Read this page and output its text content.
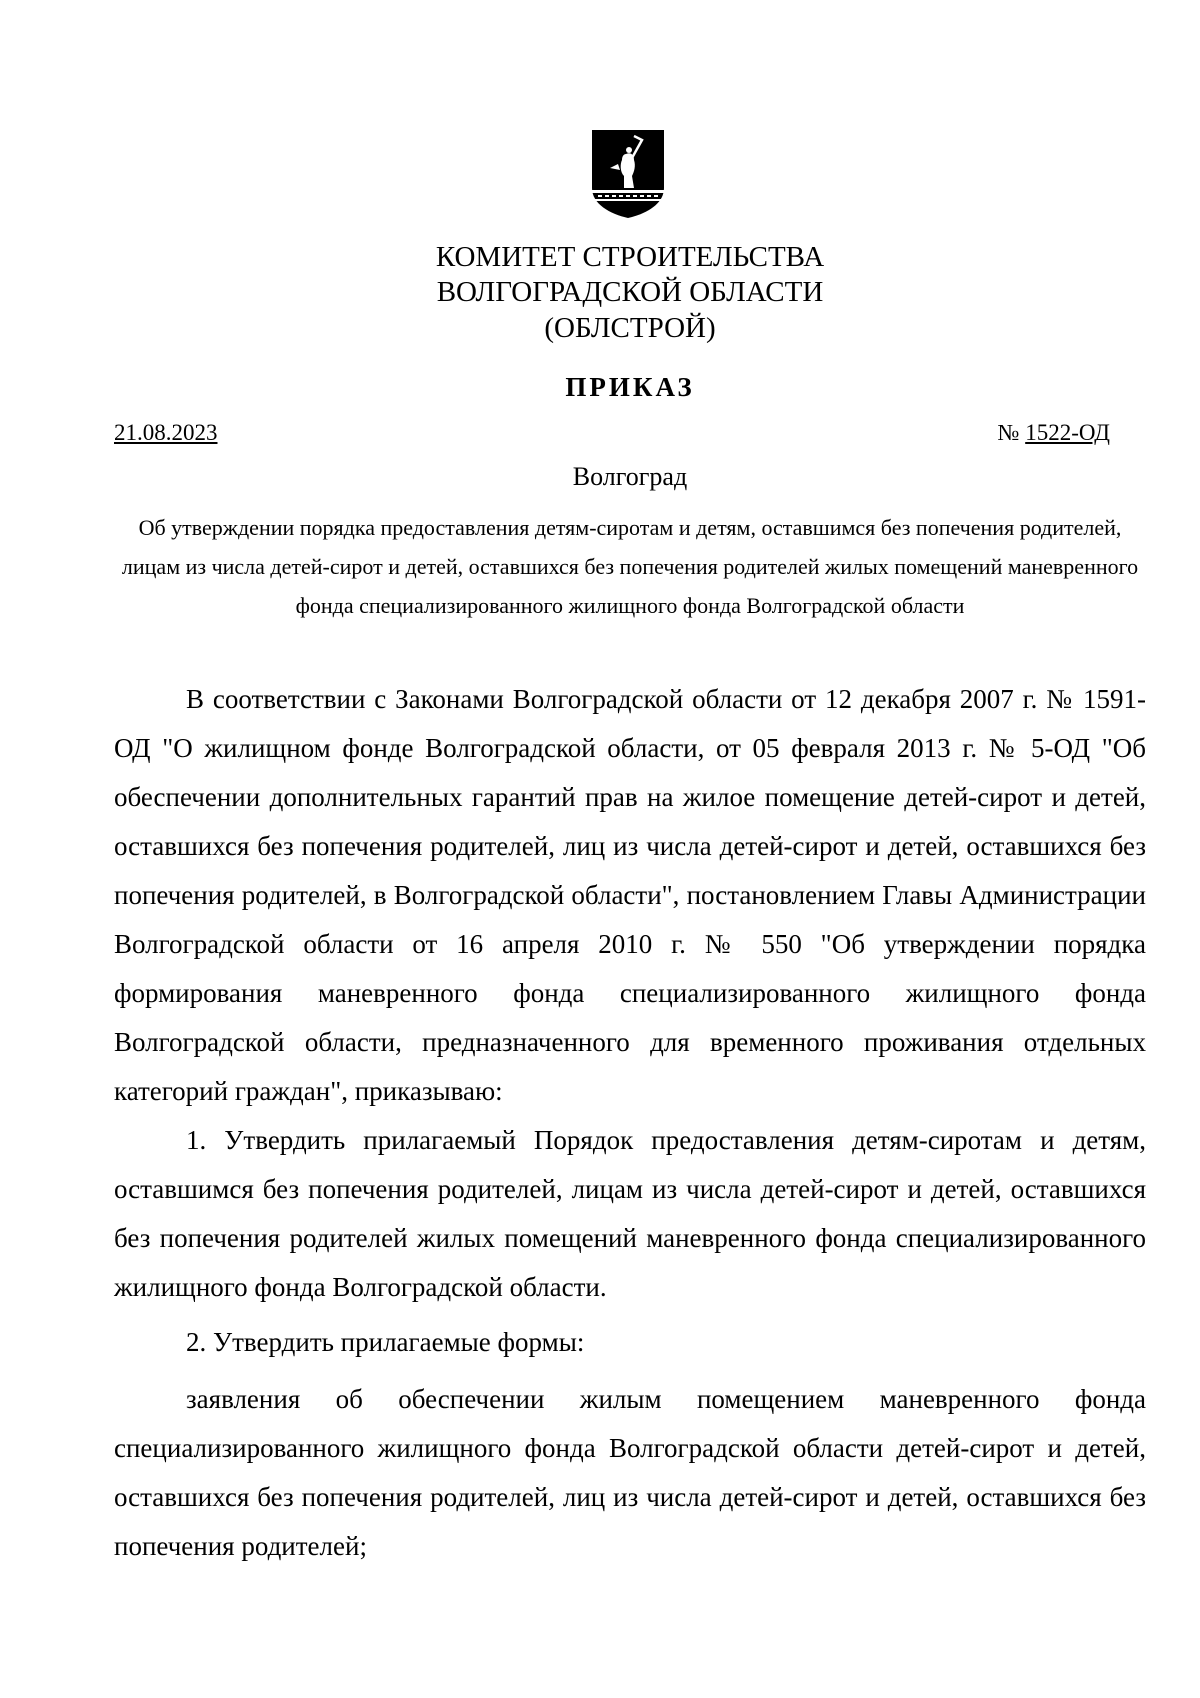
КОМИТЕТ СТРОИТЕЛЬСТВА
ВОЛГОГРАДСКОЙ ОБЛАСТИ
(ОБЛСТРОЙ)
ПРИКАЗ
21.08.2023	№ 1522-ОД
Волгоград
Об утверждении порядка предоставления детям-сиротам и детям, оставшимся без попечения родителей, лицам из числа детей-сирот и детей, оставшихся без попечения родителей жилых помещений маневренного фонда специализированного жилищного фонда Волгоградской области

В соответствии с Законами Волгоградской области от 12 декабря 2007 г. № 1591-ОД "О жилищном фонде Волгоградской области, от 05 февраля 2013 г. № 5-ОД "Об обеспечении дополнительных гарантий прав на жилое помещение детей-сирот и детей, оставшихся без попечения родителей, лиц из числа детей-сирот и детей, оставшихся без попечения родителей, в Волгоградской области", постановлением Главы Администрации Волгоградской области от 16 апреля 2010 г. № 550 "Об утверждении порядка формирования маневренного фонда специализированного жилищного фонда Волгоградской области, предназначенного для временного проживания отдельных категорий граждан", приказываю:

1. Утвердить прилагаемый Порядок предоставления детям-сиротам и детям, оставшимся без попечения родителей, лицам из числа детей-сирот и детей, оставшихся без попечения родителей жилых помещений маневренного фонда специализированного жилищного фонда Волгоградской области.

2. Утвердить прилагаемые формы:

заявления об обеспечении жилым помещением маневренного фонда специализированного жилищного фонда Волгоградской области детей-сирот и детей, оставшихся без попечения родителей, лиц из числа детей-сирот и детей, оставшихся без попечения родителей;
